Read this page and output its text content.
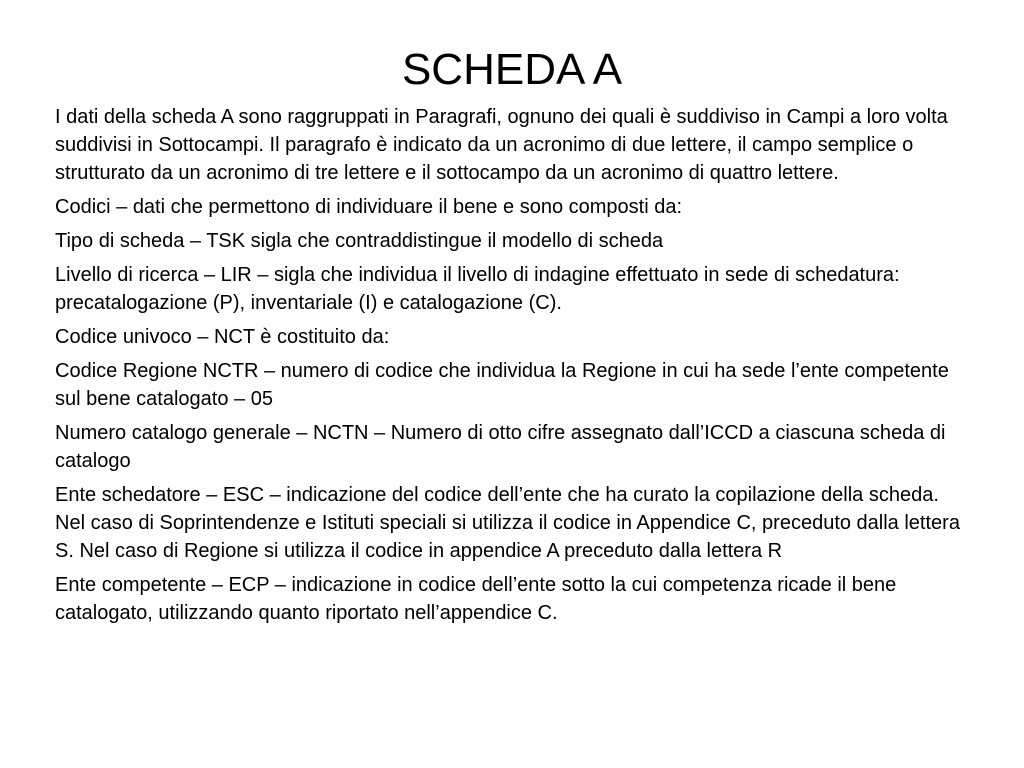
SCHEDA A

I dati della scheda A sono raggruppati in Paragrafi, ognuno dei quali è suddiviso in Campi a loro volta suddivisi in Sottocampi. Il paragrafo è indicato da un acronimo di due lettere, il campo semplice o strutturato da un acronimo di tre lettere e il sottocampo da un acronimo di quattro lettere.

Codici – dati che permettono di individuare il bene e sono composti da:

Tipo di scheda – TSK sigla che contraddistingue il modello di scheda

Livello di ricerca – LIR – sigla che individua il livello di indagine effettuato in sede di schedatura: precatalogazione (P), inventariale (I) e catalogazione (C).

Codice univoco – NCT è costituito da:

Codice Regione NCTR – numero di codice che individua la Regione in cui ha sede l’ente competente sul bene catalogato – 05

Numero catalogo generale – NCTN – Numero di otto cifre assegnato dall’ICCD a ciascuna scheda di catalogo

Ente schedatore – ESC – indicazione del codice dell’ente che ha curato la copilazione della scheda. Nel caso di Soprintendenze e Istituti speciali si utilizza il codice in Appendice C, preceduto dalla lettera S. Nel caso di Regione si utilizza il codice in appendice A preceduto dalla lettera R

Ente competente – ECP – indicazione in codice dell’ente sotto la cui competenza ricade il bene catalogato, utilizzando quanto riportato nell’appendice C.
